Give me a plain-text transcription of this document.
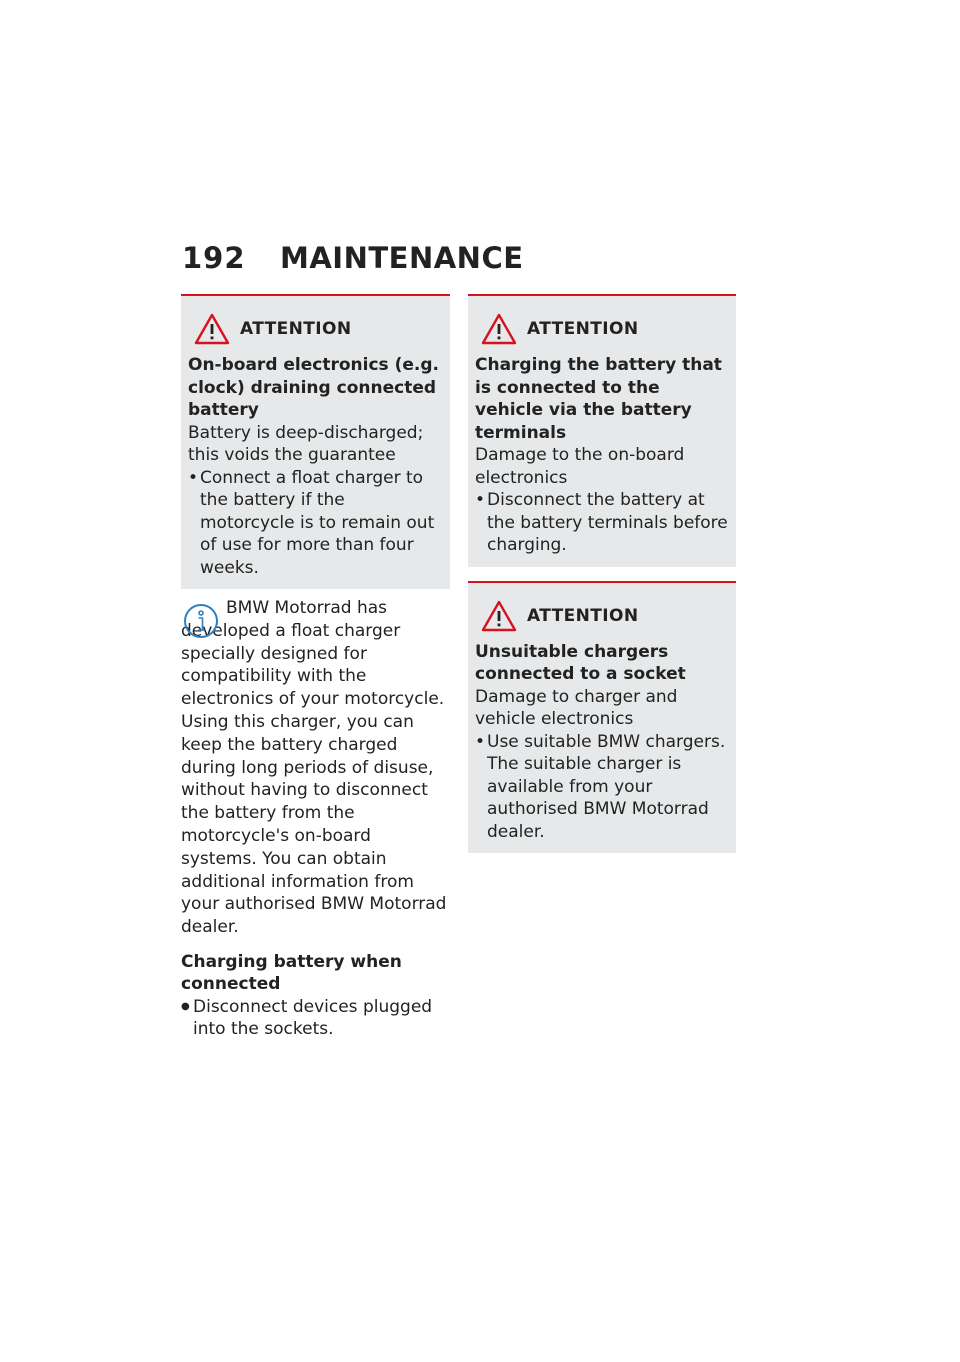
192	MAINTENANCE
ATTENTION
On-board electronics (e.g. clock) draining connected battery
Battery is deep-discharged; this voids the guarantee
• Connect a float charger to the battery if the motorcycle is to remain out of use for more than four weeks.

BMW Motorrad has developed a float charger specially designed for compatibility with the electronics of your motorcycle. Using this charger, you can keep the battery charged during long periods of disuse, without having to disconnect the battery from the motorcycle's on-board systems. You can obtain additional information from your authorised BMW Motorrad dealer.

Charging battery when connected
● Disconnect devices plugged into the sockets.
ATTENTION
Charging the battery that is connected to the vehicle via the battery terminals
Damage to the on-board electronics
• Disconnect the battery at the battery terminals before charging.
ATTENTION
Unsuitable chargers connected to a socket
Damage to charger and vehicle electronics
• Use suitable BMW chargers. The suitable charger is available from your authorised BMW Motorrad dealer.
